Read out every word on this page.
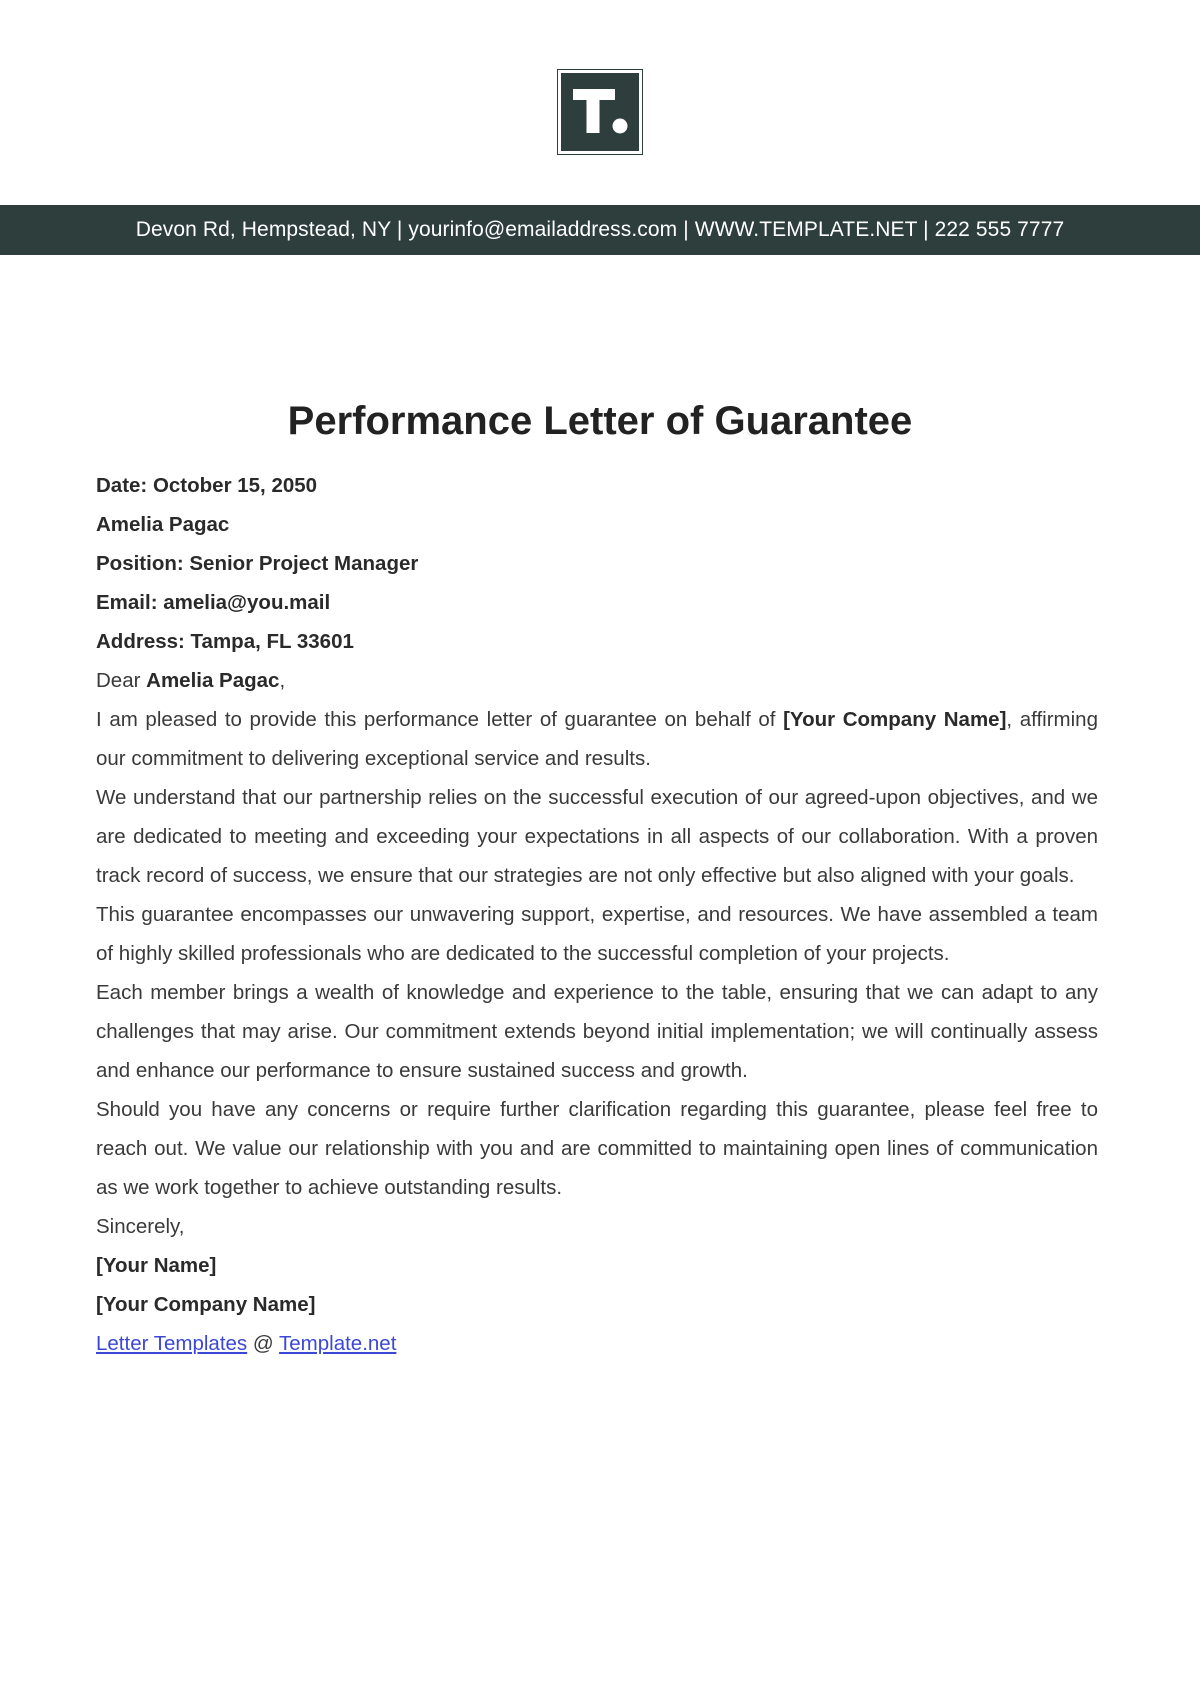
Devon Rd, Hempstead, NY | yourinfo@emailaddress.com | WWW.TEMPLATE.NET | 222 555 7777
Performance Letter of Guarantee

Date: October 15, 2050

Amelia Pagac

Position: Senior Project Manager

Email: amelia@you.mail

Address: Tampa, FL 33601

Dear Amelia Pagac,

I am pleased to provide this performance letter of guarantee on behalf of [Your Company Name], affirming our commitment to delivering exceptional service and results.

We understand that our partnership relies on the successful execution of our agreed-upon objectives, and we are dedicated to meeting and exceeding your expectations in all aspects of our collaboration. With a proven track record of success, we ensure that our strategies are not only effective but also aligned with your goals.

This guarantee encompasses our unwavering support, expertise, and resources. We have assembled a team of highly skilled professionals who are dedicated to the successful completion of your projects.

Each member brings a wealth of knowledge and experience to the table, ensuring that we can adapt to any challenges that may arise. Our commitment extends beyond initial implementation; we will continually assess and enhance our performance to ensure sustained success and growth.

Should you have any concerns or require further clarification regarding this guarantee, please feel free to reach out. We value our relationship with you and are committed to maintaining open lines of communication as we work together to achieve outstanding results.

Sincerely,

[Your Name]

[Your Company Name]

Letter Templates @ Template.net
